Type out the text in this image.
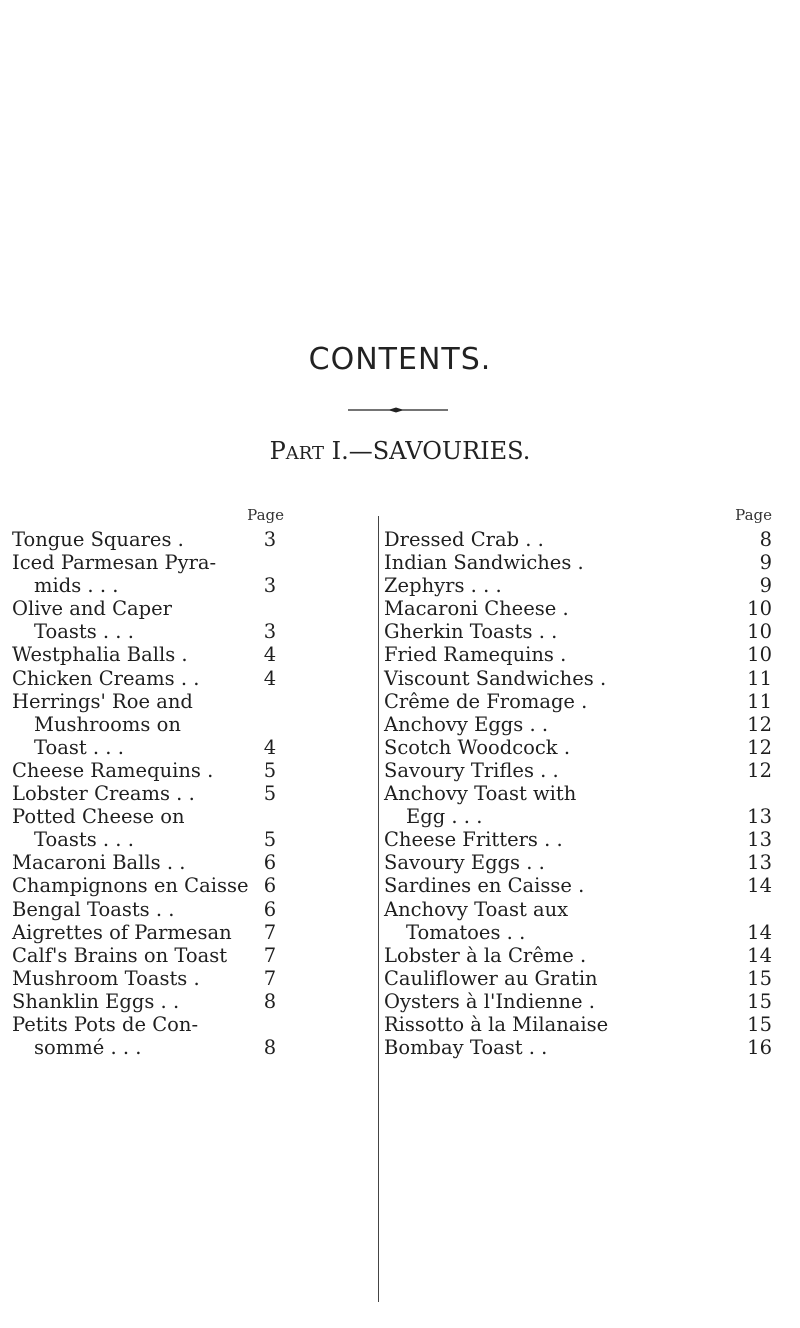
CONTENTS.
PART I.—SAVOURIES.
Page
Tongue Squares .	3
Iced Parmesan Pyra-
mids . . .	3
Olive and Caper
Toasts . . .	3
Westphalia Balls .	4
Chicken Creams . .	4
Herrings' Roe and
Mushrooms on
Toast . . .	4
Cheese Ramequins .	5
Lobster Creams . .	5
Potted Cheese on
Toasts . . .	5
Macaroni Balls . .	6
Champignons en Caisse 6
Bengal Toasts . .	6
Aigrettes of Parmesan	7
Calf's Brains on Toast	7
Mushroom Toasts .	7
Shanklin Eggs . .	8
Petits Pots de Con-
sommé . . .	8
Page
Dressed Crab . .	8
Indian Sandwiches .	9
Zephyrs . . .	9
Macaroni Cheese .	10
Gherkin Toasts . .	10
Fried Ramequins .	10
Viscount Sandwiches .	11
Crême de Fromage .	11
Anchovy Eggs . .	12
Scotch Woodcock .	12
Savoury Trifles . .	12
Anchovy Toast with
Egg . . .	13
Cheese Fritters . .	13
Savoury Eggs . .	13
Sardines en Caisse .	14
Anchovy Toast aux
Tomatoes . .	14
Lobster à la Crême .	14
Cauliflower au Gratin	15
Oysters à l'Indienne .	15
Rissotto à la Milanaise	15
Bombay Toast . .	16
